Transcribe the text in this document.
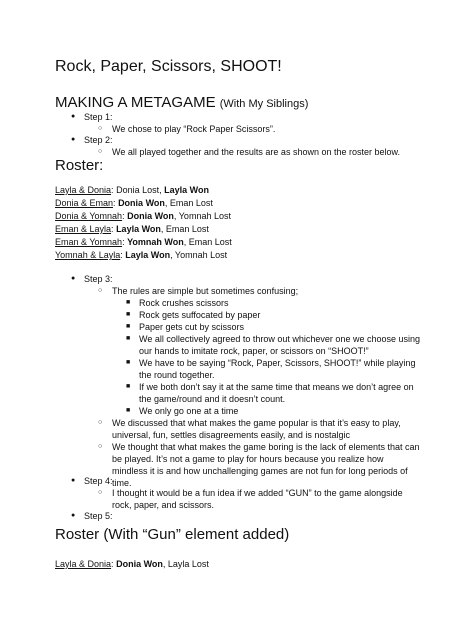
Rock, Paper, Scissors, SHOOT!
MAKING A METAGAME (With My Siblings)
● Step 1:
○ We chose to play “Rock Paper Scissors”.
● Step 2:
○ We all played together and the results are as shown on the roster below.
Roster:
Layla & Donia: Donia Lost, Layla Won
Donia & Eman: Donia Won, Eman Lost
Donia & Yomnah: Donia Won, Yomnah Lost
Eman & Layla: Layla Won, Eman Lost
Eman & Yomnah: Yomnah Won, Eman Lost
Yomnah & Layla: Layla Won, Yomnah Lost
● Step 3:
○ The rules are simple but sometimes confusing;
■ Rock crushes scissors
■ Rock gets suffocated by paper
■ Paper gets cut by scissors
■ We all collectively agreed to throw out whichever one we choose using our hands to imitate rock, paper, or scissors on “SHOOT!”
■ We have to be saying “Rock, Paper, Scissors, SHOOT!” while playing the round together.
■ If we both don’t say it at the same time that means we don’t agree on the game/round and it doesn’t count.
■ We only go one at a time
○ We discussed that what makes the game popular is that it’s easy to play, universal, fun, settles disagreements easily, and is nostalgic
○ We thought that what makes the game boring is the lack of elements that can be played. It’s not a game to play for hours because you realize how mindless it is and how unchallenging games are not fun for long periods of time.
● Step 4:
○ I thought it would be a fun idea if we added “GUN” to the game alongside rock, paper, and scissors.
● Step 5:
Roster (With “Gun” element added)
Layla & Donia: Donia Won, Layla Lost
